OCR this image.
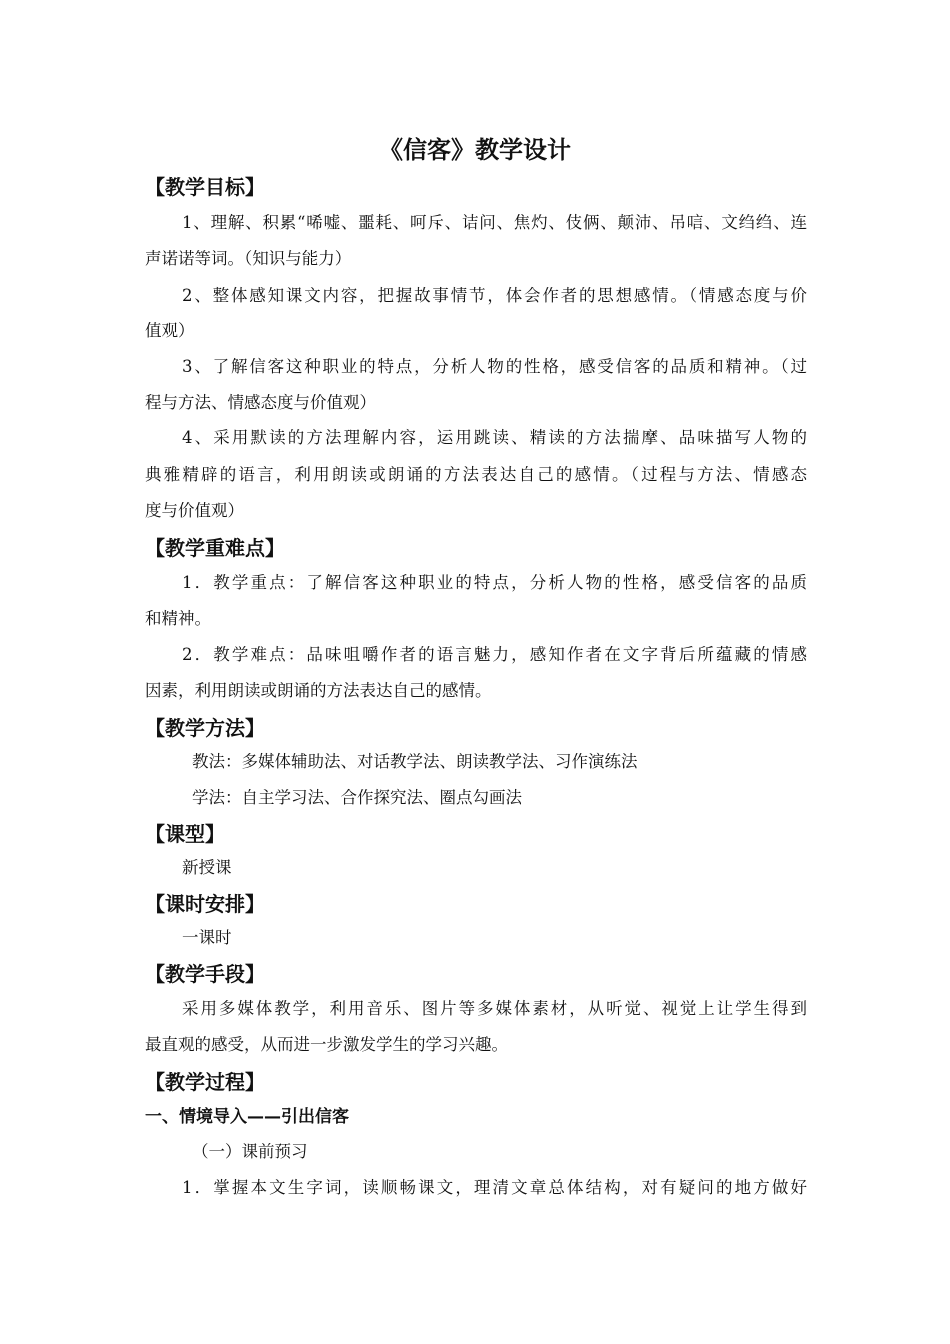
《信客》教学设计
【教学目标】
1、理解、积累“唏嘘、噩耗、呵斥、诘问、焦灼、伎俩、颠沛、吊唁、文绉绉、连
声诺诺等词。（知识与能力）
2、整体感知课文内容，把握故事情节，体会作者的思想感情。（情感态度与价
值观）
3、了解信客这种职业的特点，分析人物的性格，感受信客的品质和精神。（过
程与方法、情感态度与价值观）
4、采用默读的方法理解内容，运用跳读、精读的方法揣摩、品味描写人物的
典雅精辟的语言，利用朗读或朗诵的方法表达自己的感情。（过程与方法、情感态
度与价值观）
【教学重难点】
1．教学重点：了解信客这种职业的特点，分析人物的性格，感受信客的品质
和精神。
2．教学难点：品味咀嚼作者的语言魅力，感知作者在文字背后所蕴藏的情感
因素，利用朗读或朗诵的方法表达自己的感情。
【教学方法】
教法：多媒体辅助法、对话教学法、朗读教学法、习作演练法
学法：自主学习法、合作探究法、圈点勾画法
【课型】
新授课
【课时安排】
一课时
【教学手段】
采用多媒体教学，利用音乐、图片等多媒体素材，从听觉、视觉上让学生得到
最直观的感受，从而进一步激发学生的学习兴趣。
【教学过程】
一、情境导入——引出信客
（一）课前预习
1．掌握本文生字词，读顺畅课文，理清文章总体结构，对有疑问的地方做好
